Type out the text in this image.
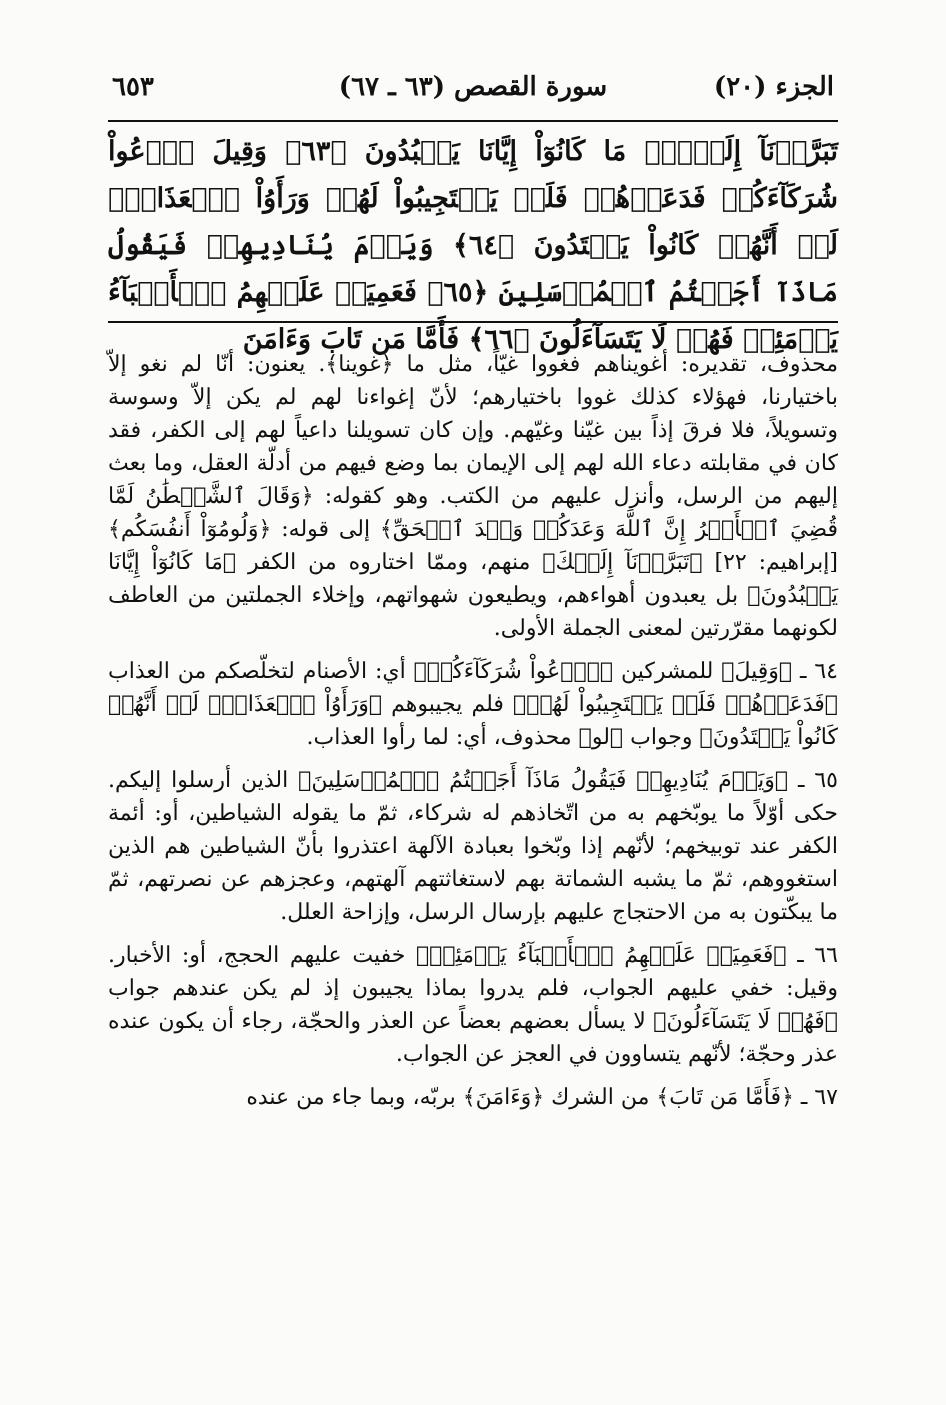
الجزء (٢٠)
سورة القصص (٦٣ ـ ٦٧)
٦٥٣
تَبَرَّأۡنَآ إِلَيۡكَۖ مَا كَانُوٓاْ إِيَّانَا يَعۡبُدُونَ ﴿٦٣﴾ وَقِيلَ ٱدۡعُواْ شُرَكَآءَكُمۡ فَدَعَوۡهُمۡ فَلَمۡ يَسۡتَجِيبُواْ لَهُمۡ وَرَأَوُاْ ٱلۡعَذَابَۚ لَوۡ أَنَّهُمۡ كَانُواْ يَهۡتَدُونَ ﴿٦٤﴾ وَيَوۡمَ يُنَادِيهِمۡ فَيَقُولُ مَاذَآ أَجَبۡتُمُ ٱلۡمُرۡسَلِينَ ﴿٦٥﴾ فَعَمِيَتۡ عَلَيۡهِمُ ٱلۡأَنۢبَآءُ يَوۡمَئِذٖ فَهُمۡ لَا يَتَسَآءَلُونَ ﴿٦٦﴾ فَأَمَّا مَن تَابَ وَءَامَنَ

محذوف، تقديره: أغويناهم فغووا غيّاً، مثل ما ﴿غوينا﴾. يعنون: أنّا لم نغو إلاّ باختيارنا، فهؤلاء كذلك غووا باختيارهم؛ لأنّ إغواءنا لهم لم يكن إلاّ وسوسة وتسويلاً، فلا فرقَ إذاً بين غيّنا وغيّهم. وإن كان تسويلنا داعياً لهم إلى الكفر، فقد كان في مقابلته دعاء الله لهم إلى الإيمان بما وضع فيهم من أدلّة العقل، وما بعث إليهم من الرسل، وأنزل عليهم من الكتب. وهو كقوله: ﴿وَقَالَ ٱلشَّيۡطَٰنُ لَمَّا قُضِيَ ٱلۡأَمۡرُ إِنَّ ٱللَّهَ وَعَدَكُمۡ وَعۡدَ ٱلۡحَقِّ﴾ إلى قوله: ﴿وَلُومُوٓاْ أَنفُسَكُم﴾ [إبراهيم: ٢٢] ﴿تَبَرَّأۡنَآ إِلَيۡكَ﴾ منهم، وممّا اختاروه من الكفر ﴿مَا كَانُوٓاْ إِيَّانَا يَعۡبُدُونَ﴾ بل يعبدون أهواءهم، ويطيعون شهواتهم، وإخلاء الجملتين من العاطف لكونهما مقرّرتين لمعنى الجملة الأولى.

٦٤ ـ ﴿وَقِيلَ﴾ للمشركين ﴿ٱدۡعُواْ شُرَكَآءَكُمۡ﴾ أي: الأصنام لتخلّصكم من العذاب ﴿فَدَعَوۡهُمۡ فَلَمۡ يَسۡتَجِيبُواْ لَهُمۡ﴾ فلم يجيبوهم ﴿وَرَأَوُاْ ٱلۡعَذَابَۚ لَوۡ أَنَّهُمۡ كَانُواْ يَهۡتَدُونَ﴾ وجواب ﴿لو﴾ محذوف، أي: لما رأوا العذاب.

٦٥ ـ ﴿وَيَوۡمَ يُنَادِيهِمۡ فَيَقُولُ مَاذَآ أَجَبۡتُمُ ٱلۡمُرۡسَلِينَ﴾ الذين أرسلوا إليكم. حكى أوّلاً ما يوبّخهم به من اتّخاذهم له شركاء، ثمّ ما يقوله الشياطين، أو: أئمة الكفر عند توبيخهم؛ لأنّهم إذا وبّخوا بعبادة الآلهة اعتذروا بأنّ الشياطين هم الذين استغووهم، ثمّ ما يشبه الشماتة بهم لاستغاثتهم آلهتهم، وعجزهم عن نصرتهم، ثمّ ما يبكّتون به من الاحتجاج عليهم بإرسال الرسل، وإزاحة العلل.

٦٦ ـ ﴿فَعَمِيَتۡ عَلَيۡهِمُ ٱلۡأَنۢبَآءُ يَوۡمَئِذٖ﴾ خفيت عليهم الحجج، أو: الأخبار. وقيل: خفي عليهم الجواب، فلم يدروا بماذا يجيبون إذ لم يكن عندهم جواب ﴿فَهُمۡ لَا يَتَسَآءَلُونَ﴾ لا يسأل بعضهم بعضاً عن العذر والحجّة، رجاء أن يكون عنده عذر وحجّة؛ لأنّهم يتساوون في العجز عن الجواب.

٦٧ ـ ﴿فَأَمَّا مَن تَابَ﴾ من الشرك ﴿وَءَامَنَ﴾ بربّه، وبما جاء من عنده
